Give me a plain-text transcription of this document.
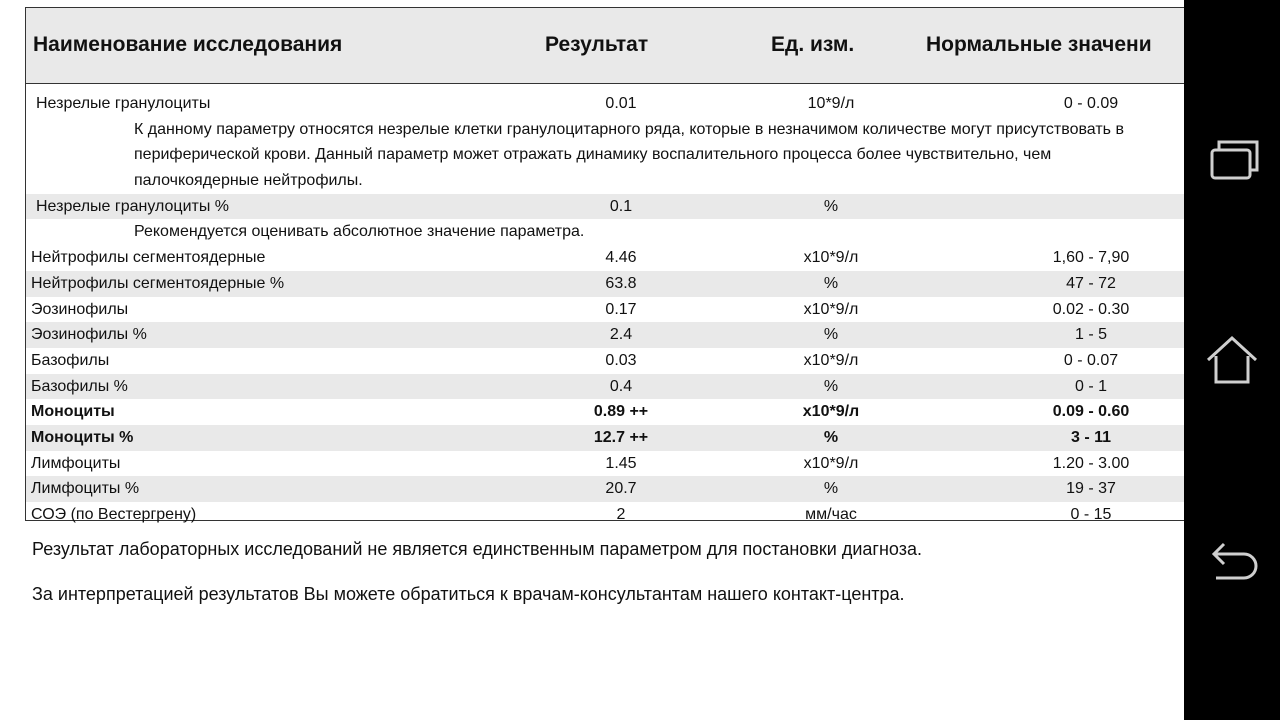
Наименование исследования	Результат	Ед. изм.	Нормальные значени
Незрелые гранулоциты	0.01	10*9/л	0 - 0.09
К данному параметру относятся незрелые клетки гранулоцитарного ряда, которые в незначимом количестве могут присутствовать в периферической крови. Данный параметр может отражать динамику воспалительного процесса более чувствительно, чем палочкоядерные нейтрофилы.
Незрелые гранулоциты %	0.1	%
Рекомендуется оценивать абсолютное значение параметра.
Нейтрофилы сегментоядерные	4.46	x10*9/л	1,60 - 7,90
Нейтрофилы сегментоядерные %	63.8	%	47 - 72
Эозинофилы	0.17	x10*9/л	0.02 - 0.30
Эозинофилы %	2.4	%	1 - 5
Базофилы	0.03	x10*9/л	0 - 0.07
Базофилы %	0.4	%	0 - 1
Моноциты	0.89 ++	x10*9/л	0.09 - 0.60
Моноциты %	12.7 ++	%	3 - 11
Лимфоциты	1.45	x10*9/л	1.20 - 3.00
Лимфоциты %	20.7	%	19 - 37
СОЭ (по Вестергрену)	2	мм/час	0 - 15
Результат лабораторных исследований не является единственным параметром для постановки диагноза.
За интерпретацией результатов Вы можете обратиться к врачам-консультантам нашего контакт-центра.
